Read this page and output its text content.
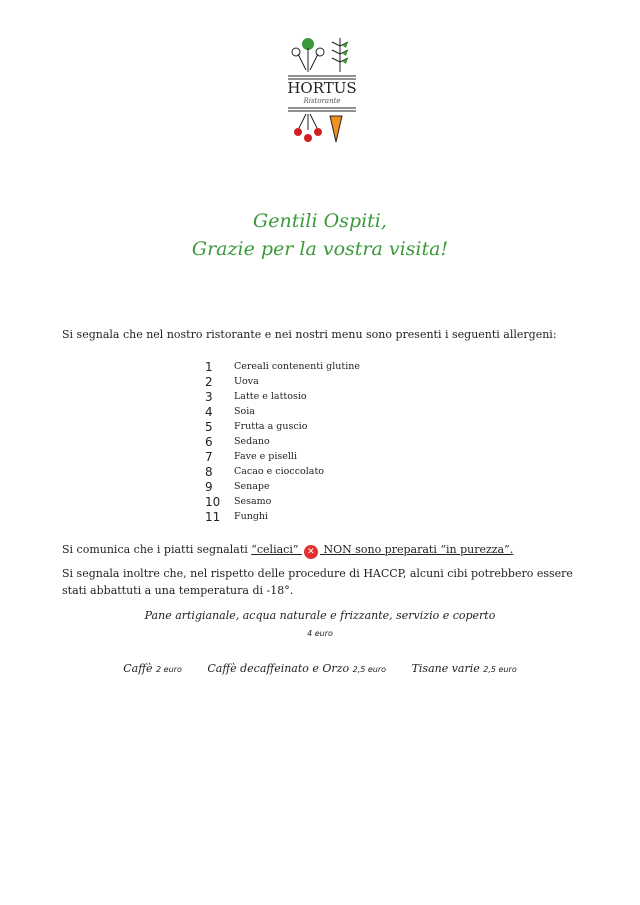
HORTUS
Ristorante
Gentili Ospiti,
Grazie per la vostra visita!
Si segnala che nel nostro ristorante e nei nostri menu sono presenti i seguenti allergeni:
1	Cereali contenenti glutine
2	Uova
3	Latte e lattosio
4	Soia
5	Frutta a guscio
6	Sedano
7	Fave e piselli
8	Cacao e cioccolato
9	Senape
10	Sesamo
11	Funghi
Si comunica che i piatti segnalati “celiaci” ✕ NON sono preparati “in purezza”.
Si segnala inoltre che, nel rispetto delle procedure di HACCP, alcuni cibi potrebbero essere stati abbattuti a una temperatura di -18°.
Pane artigianale, acqua naturale e frizzante, servizio e coperto
4 euro
Caffè 2 euro Caffè decaffeinato e Orzo 2,5 euro Tisane varie 2,5 euro
